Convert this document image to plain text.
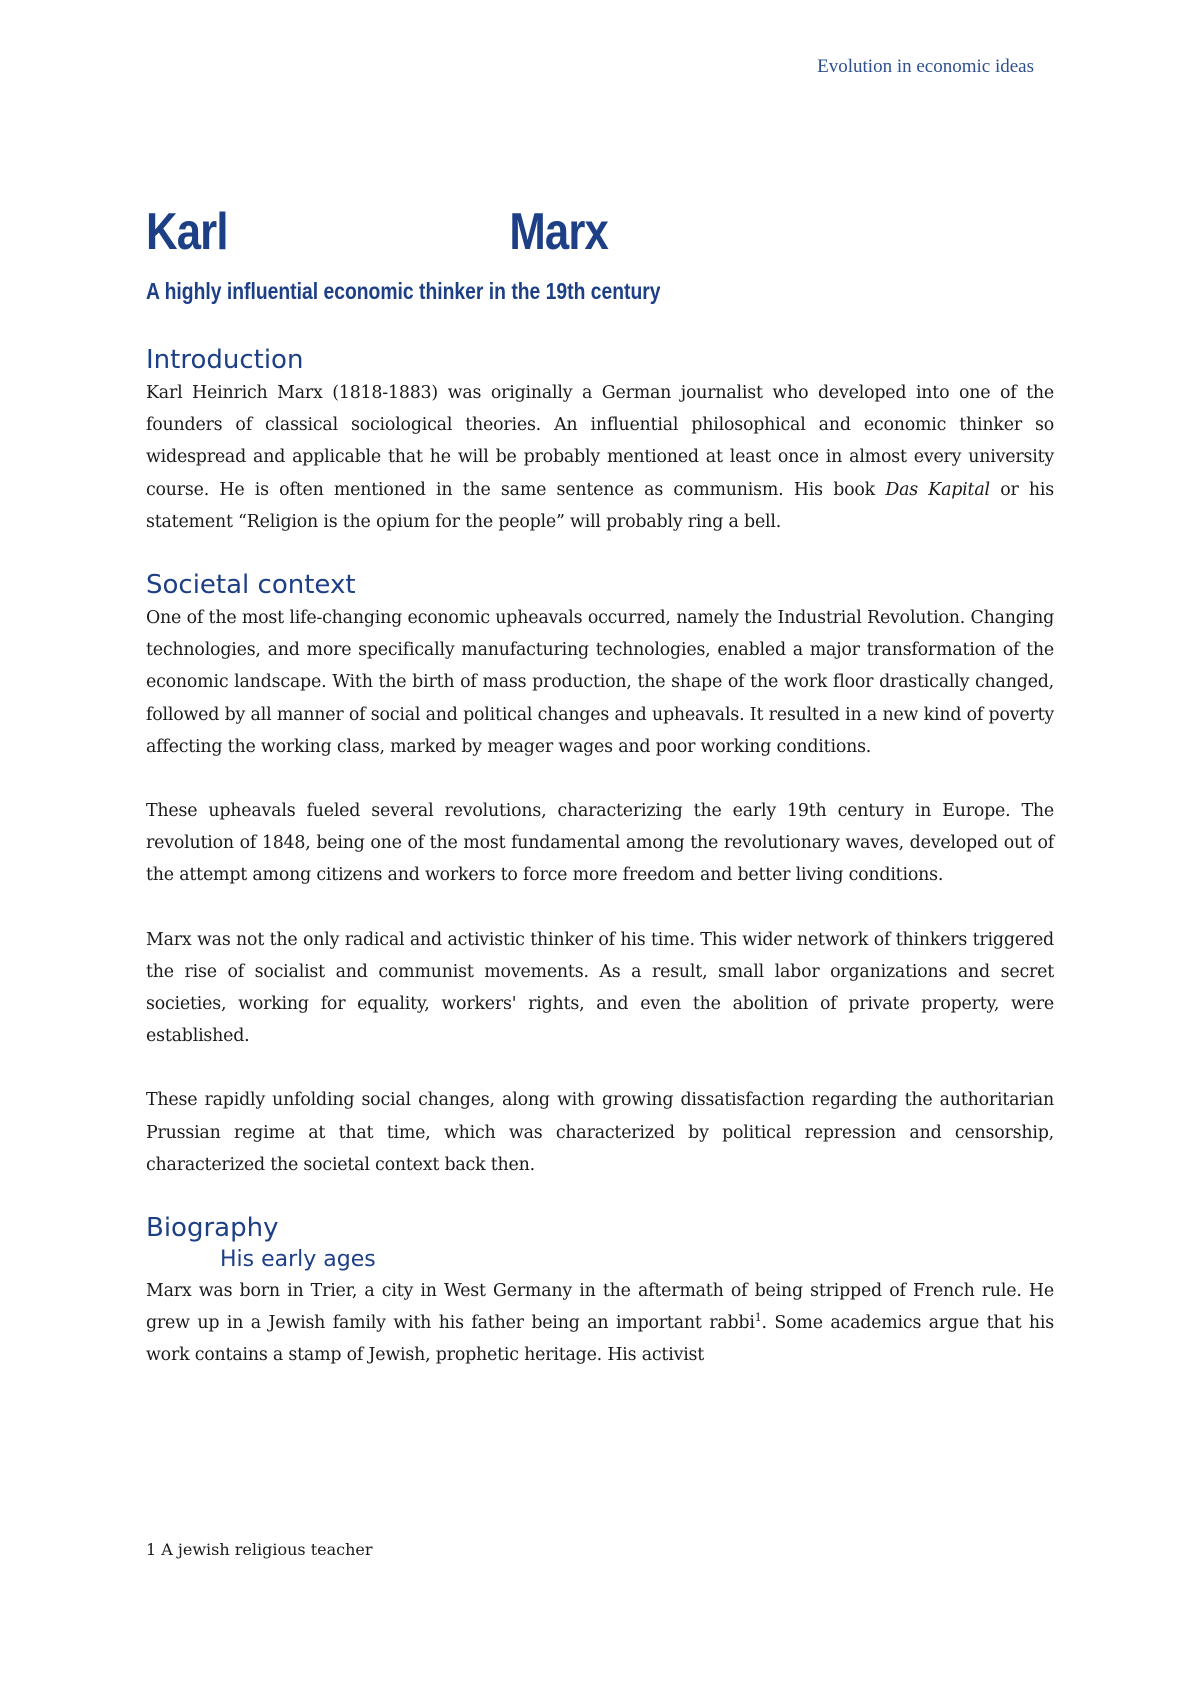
Evolution in economic ideas
Karl	Marx
A highly influential economic thinker in the 19th century
Introduction

Karl Heinrich Marx (1818-1883) was originally a German journalist who developed into one of the founders of classical sociological theories. An influential philosophical and economic thinker so widespread and applicable that he will be probably mentioned at least once in almost every university course. He is often mentioned in the same sentence as communism. His book Das Kapital or his statement “Religion is the opium for the people” will probably ring a bell.

Societal context

One of the most life-changing economic upheavals occurred, namely the Industrial Revolution. Changing technologies, and more specifically manufacturing technologies, enabled a major transformation of the economic landscape. With the birth of mass production, the shape of the work floor drastically changed, followed by all manner of social and political changes and upheavals. It resulted in a new kind of poverty affecting the working class, marked by meager wages and poor working conditions.

These upheavals fueled several revolutions, characterizing the early 19th century in Europe. The revolution of 1848, being one of the most fundamental among the revolutionary waves, developed out of the attempt among citizens and workers to force more freedom and better living conditions.

Marx was not the only radical and activistic thinker of his time. This wider network of thinkers triggered the rise of socialist and communist movements. As a result, small labor organizations and secret societies, working for equality, workers' rights, and even the abolition of private property, were established.

These rapidly unfolding social changes, along with growing dissatisfaction regarding the authoritarian Prussian regime at that time, which was characterized by political repression and censorship, characterized the societal context back then.

Biography
His early ages

Marx was born in Trier, a city in West Germany in the aftermath of being stripped of French rule. He grew up in a Jewish family with his father being an important rabbi$^1$. Some academics argue that his work contains a stamp of Jewish, prophetic heritage. His activist

1 A jewish religious teacher
